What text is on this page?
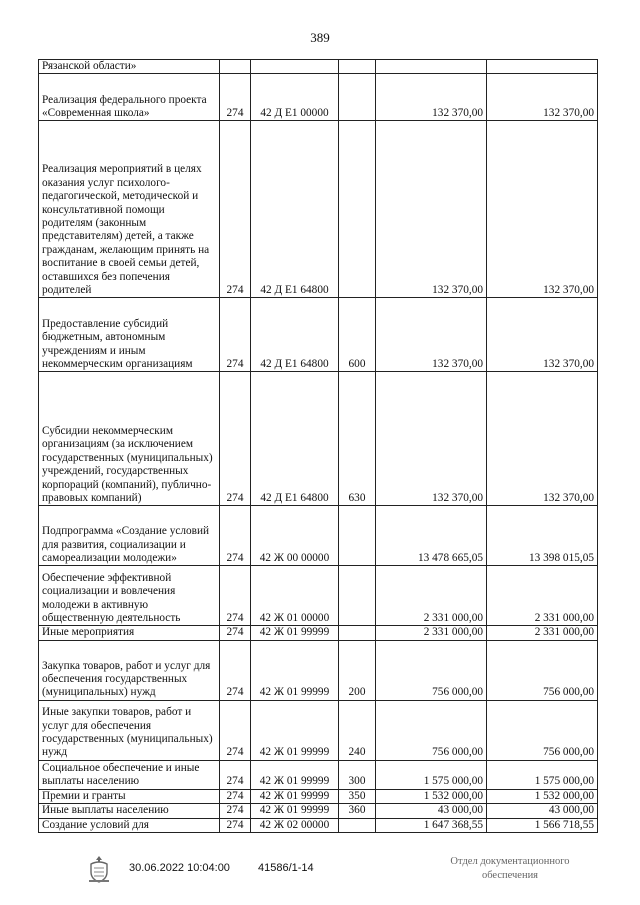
389
Рязанской области»					
Реализация федерального проекта «Современная школа»	274	42 Д Е1 00000		132 370,00	132 370,00
Реализация мероприятий в целях оказания услуг психолого-педагогической, методической и консультативной помощи родителям (законным представителям) детей, а также гражданам, желающим принять на воспитание в своей семьи детей, оставшихся без попечения родителей	274	42 Д Е1 64800		132 370,00	132 370,00
Предоставление субсидий бюджетным, автономным учреждениям и иным некоммерческим организациям	274	42 Д Е1 64800	600	132 370,00	132 370,00
Субсидии некоммерческим организациям (за исключением государственных (муниципальных) учреждений, государственных корпораций (компаний), публично-правовых компаний)	274	42 Д Е1 64800	630	132 370,00	132 370,00
Подпрограмма «Создание условий для развития, социализации и самореализации молодежи»	274	42 Ж 00 00000		13 478 665,05	13 398 015,05
Обеспечение эффективной социализации и вовлечения молодежи в активную общественную деятельность	274	42 Ж 01 00000		2 331 000,00	2 331 000,00
Иные мероприятия	274	42 Ж 01 99999		2 331 000,00	2 331 000,00
Закупка товаров, работ и услуг для обеспечения государственных (муниципальных) нужд	274	42 Ж 01 99999	200	756 000,00	756 000,00
Иные закупки товаров, работ и услуг для обеспечения государственных (муниципальных) нужд	274	42 Ж 01 99999	240	756 000,00	756 000,00
Социальное обеспечение и иные выплаты населению	274	42 Ж 01 99999	300	1 575 000,00	1 575 000,00
Премии и гранты	274	42 Ж 01 99999	350	1 532 000,00	1 532 000,00
Иные выплаты населению	274	42 Ж 01 99999	360	43 000,00	43 000,00
Создание условий для	274	42 Ж 02 00000		1 647 368,55	1 566 718,55
30.06.2022 10:04:00	41586/1-14
Отдел документационного
обеспечения
